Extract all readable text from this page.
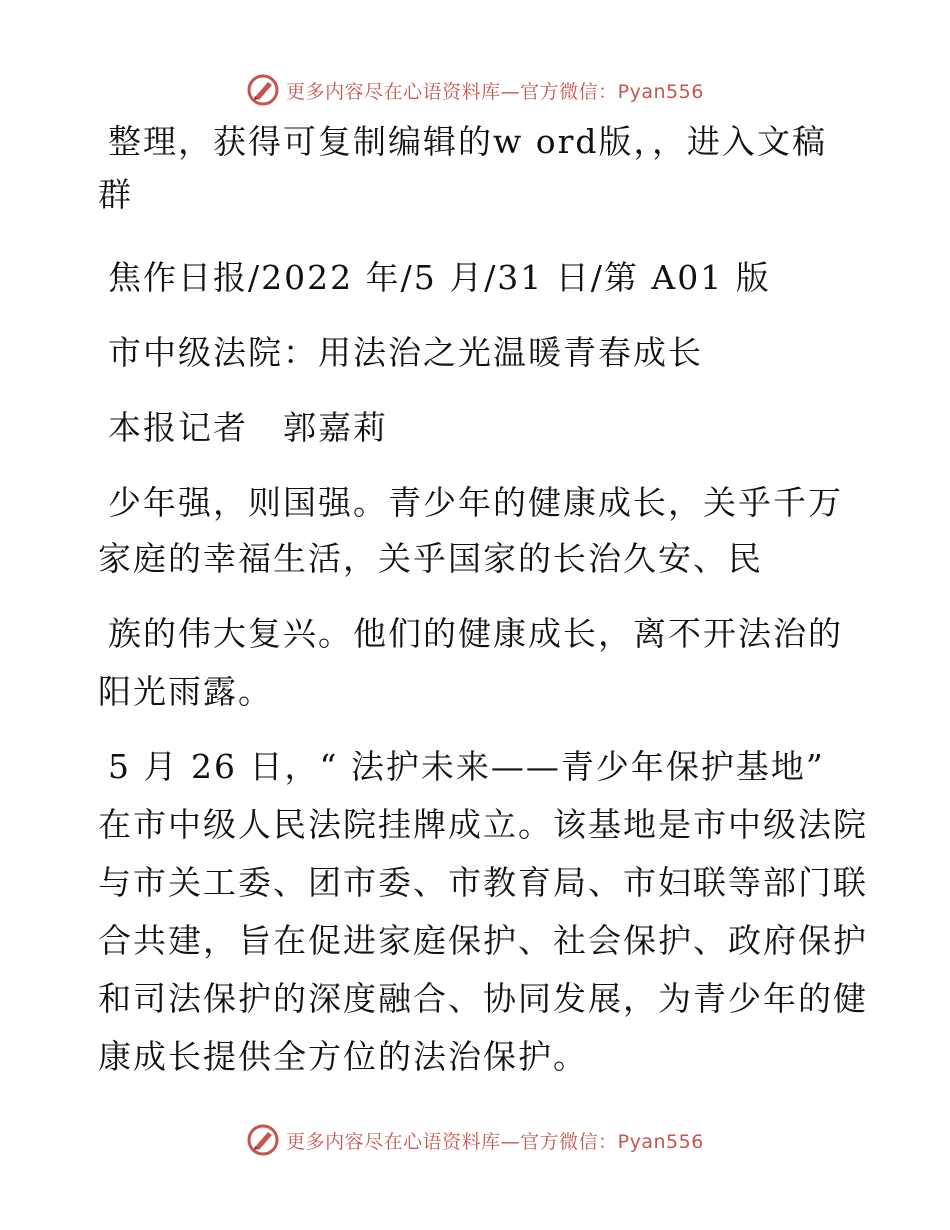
更多内容尽在心语资料库—官方微信：Pyan556
整理，获得可复制编辑的w ord版，，进入文稿
群
焦作日报/2022 年/5 月/31 日/第 A01 版
市中级法院：用法治之光温暖青春成长
本报记者　郭嘉莉
少年强，则国强。青少年的健康成长，关乎千万
家庭的幸福生活，关乎国家的长治久安、民
族的伟大复兴。他们的健康成长，离不开法治的
阳光雨露。
5 月 26 日，“ 法护未来——青少年保护基地”
在市中级人民法院挂牌成立。该基地是市中级法院
与市关工委、团市委、市教育局、市妇联等部门联
合共建，旨在促进家庭保护、社会保护、政府保护
和司法保护的深度融合、协同发展，为青少年的健
康成长提供全方位的法治保护。
更多内容尽在心语资料库—官方微信：Pyan556
